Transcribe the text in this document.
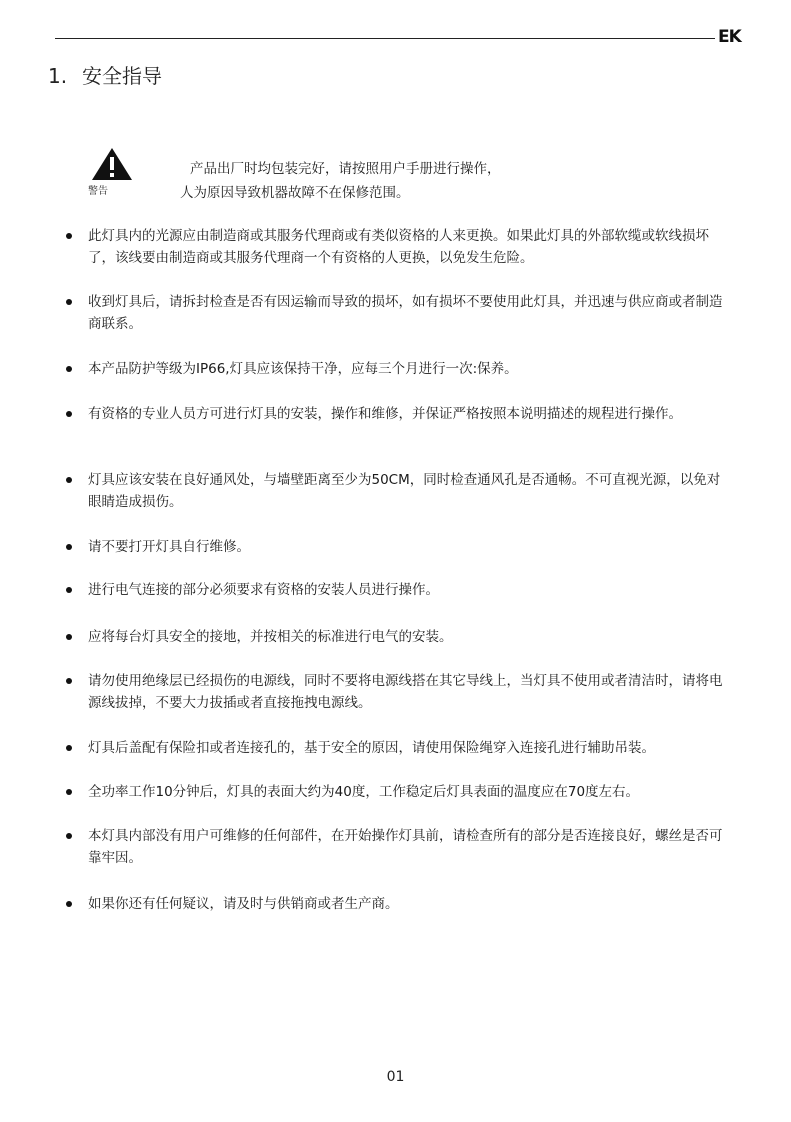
EK
1. 安全指导
警告
产品出厂时均包装完好，请按照用户手册进行操作，
人为原因导致机器故障不在保修范围。
此灯具内的光源应由制造商或其服务代理商或有类似资格的人来更换。如果此灯具的外部软缆或软线损坏了，该线要由制造商或其服务代理商一个有资格的人更换，以免发生危险。
收到灯具后，请拆封检查是否有因运输而导致的损坏，如有损坏不要使用此灯具，并迅速与供应商或者制造商联系。
本产品防护等级为IP66,灯具应该保持干净，应每三个月进行一次:保养。
有资格的专业人员方可进行灯具的安装，操作和维修，并保证严格按照本说明描述的规程进行操作。
灯具应该安装在良好通风处，与墙壁距离至少为50CM，同时检查通风孔是否通畅。不可直视光源，以免对眼睛造成损伤。
请不要打开灯具自行维修。
进行电气连接的部分必须要求有资格的安装人员进行操作。
应将每台灯具安全的接地，并按相关的标准进行电气的安装。
请勿使用绝缘层已经损伤的电源线，同时不要将电源线搭在其它导线上，当灯具不使用或者清洁时，请将电源线拔掉，不要大力拔插或者直接拖拽电源线。
灯具后盖配有保险扣或者连接孔的，基于安全的原因，请使用保险绳穿入连接孔进行辅助吊装。
全功率工作10分钟后，灯具的表面大约为40度，工作稳定后灯具表面的温度应在70度左右。
本灯具内部没有用户可维修的任何部件，在开始操作灯具前，请检查所有的部分是否连接良好，螺丝是否可靠牢因。
如果你还有任何疑议，请及时与供销商或者生产商。
01
